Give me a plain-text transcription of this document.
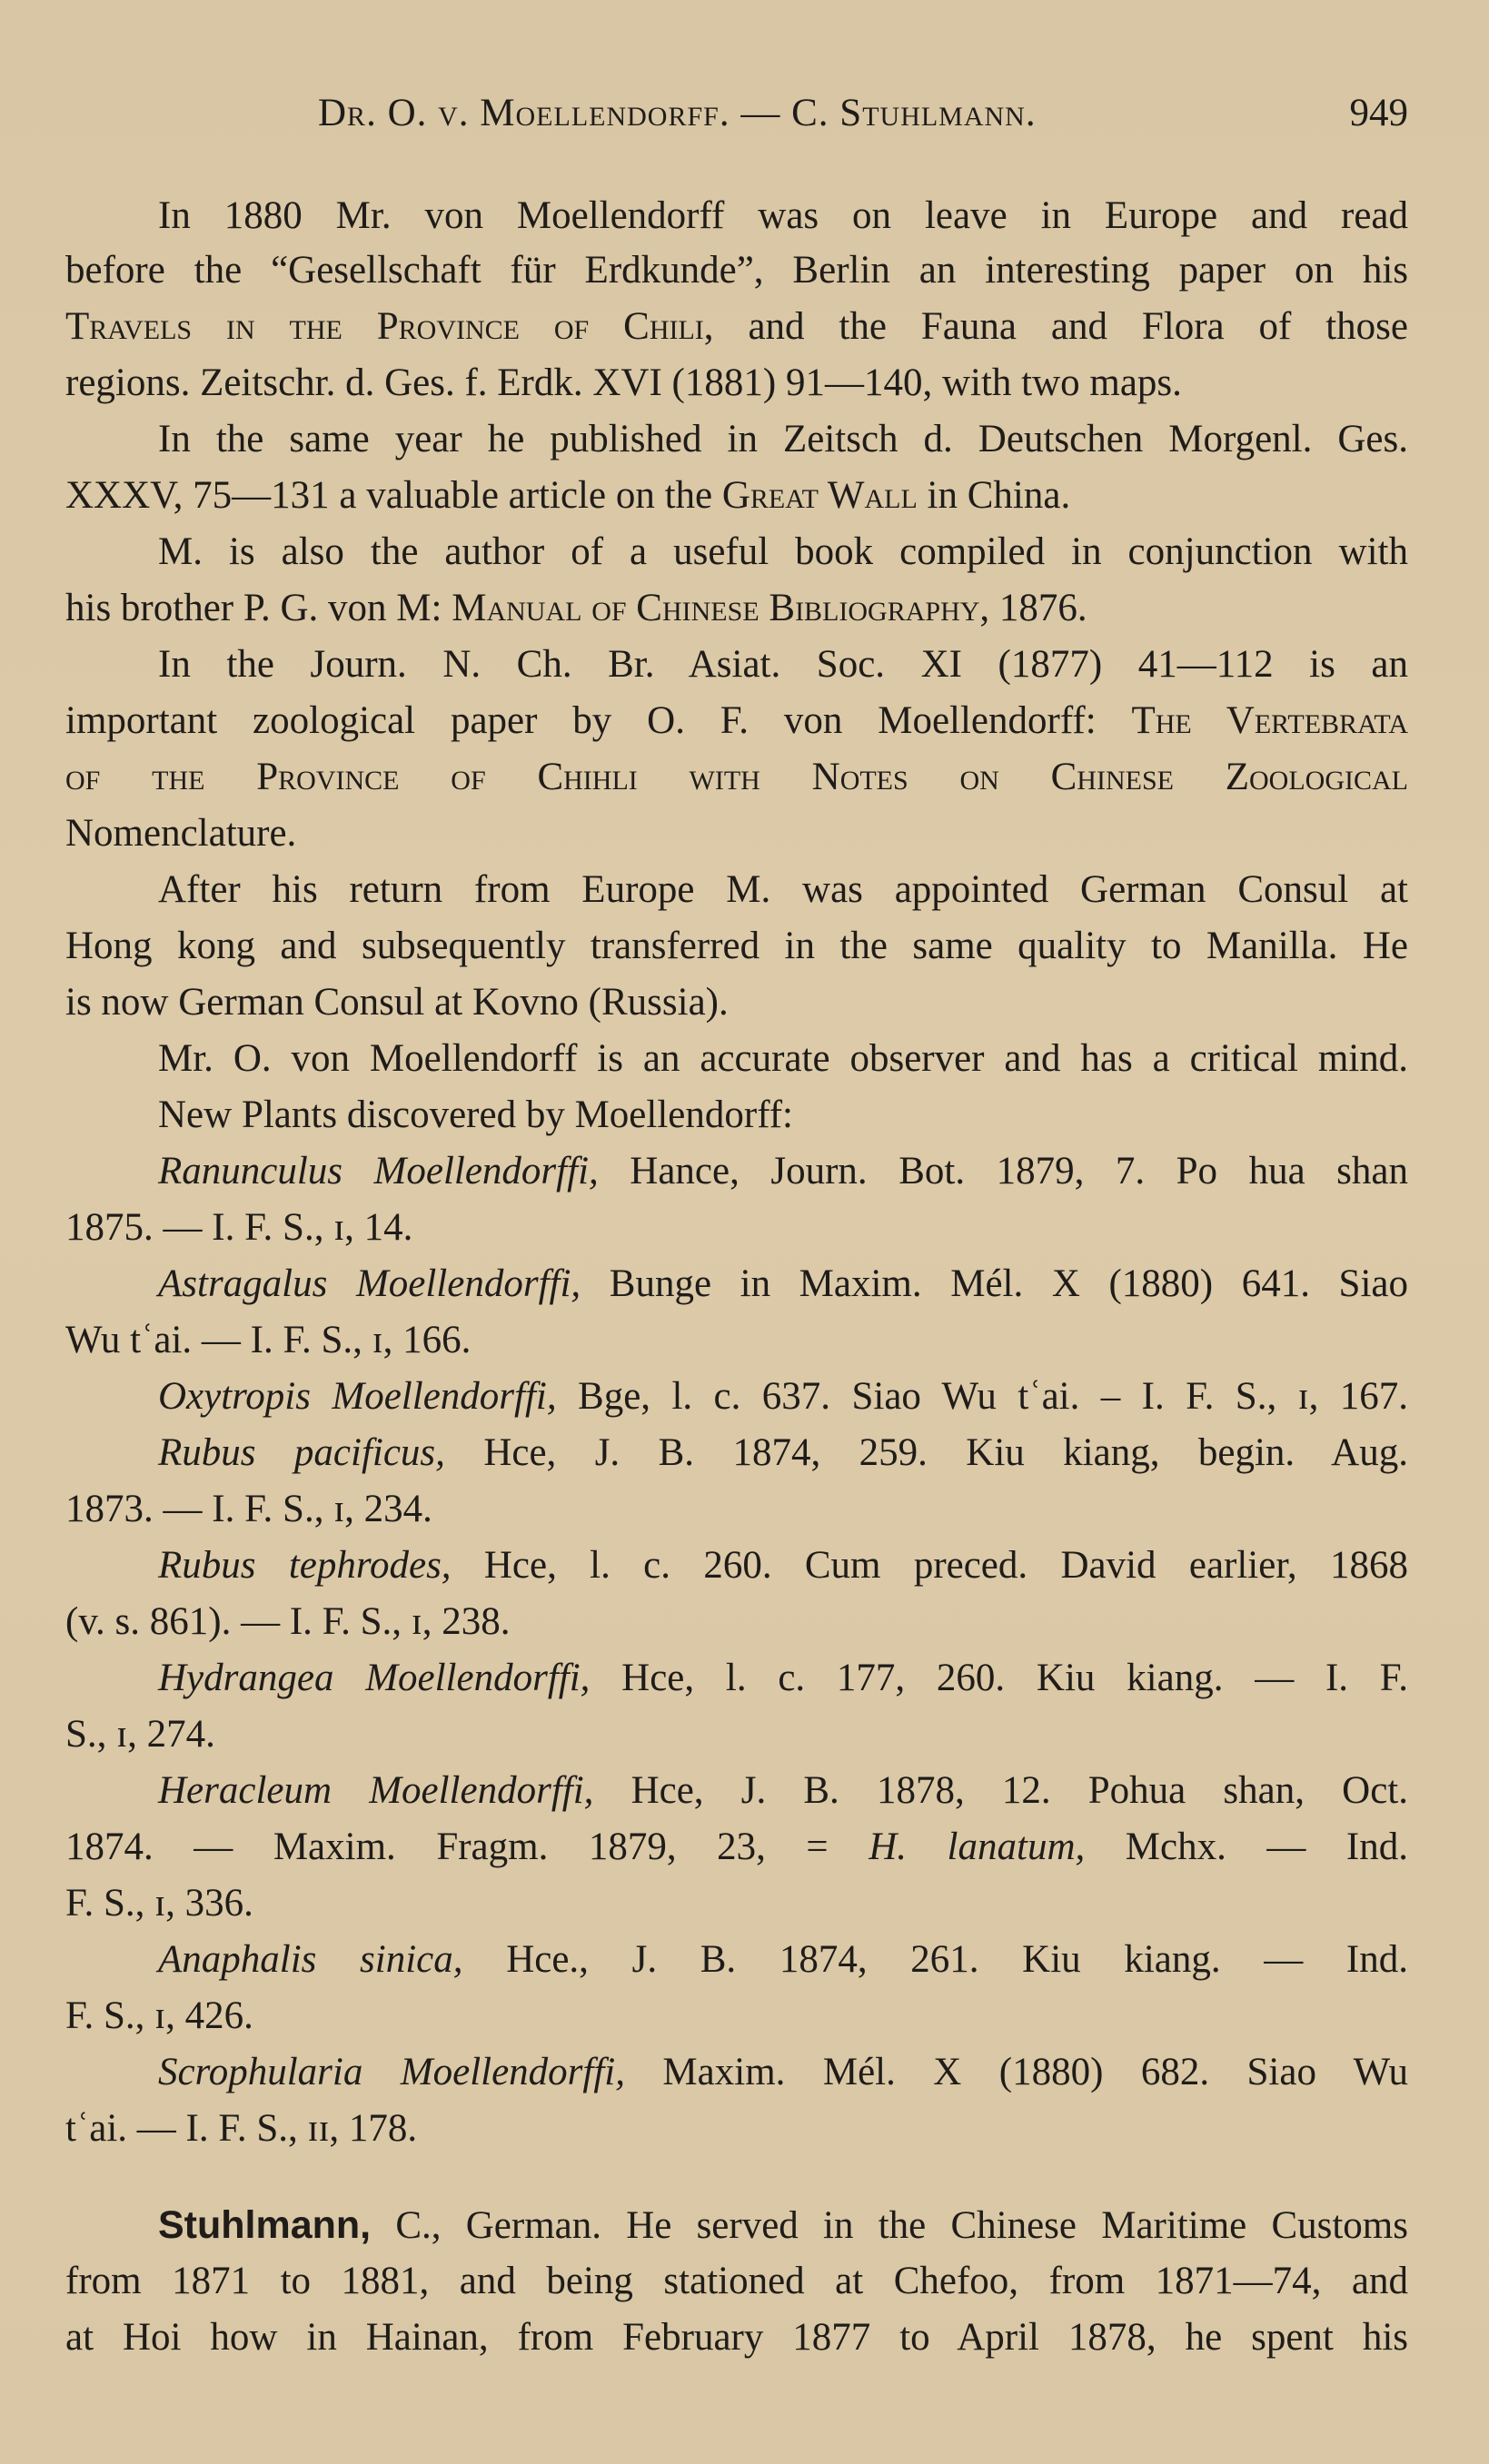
Dr. O. v. Moellendorff. — C. Stuhlmann.	949
In 1880 Mr. von Moellendorff was on leave in Europe and read
before the “Gesellschaft für Erdkunde”, Berlin an interesting paper on his
Travels in the Province of Chili, and the Fauna and Flora of those
regions. Zeitschr. d. Ges. f. Erdk. XVI (1881) 91—140, with two maps.
In the same year he published in Zeitsch d. Deutschen Morgenl. Ges.
XXXV, 75—131 a valuable article on the Great Wall in China.
M. is also the author of a useful book compiled in conjunction with
his brother P. G. von M: Manual of Chinese Bibliography, 1876.
In the Journ. N. Ch. Br. Asiat. Soc. XI (1877) 41—112 is an
important zoological paper by O. F. von Moellendorff: The Vertebrata
of the Province of Chihli with Notes on Chinese Zoological
Nomenclature.
After his return from Europe M. was appointed German Consul at
Hong kong and subsequently transferred in the same quality to Manilla. He
is now German Consul at Kovno (Russia).
Mr. O. von Moellendorff is an accurate observer and has a critical mind.
New Plants discovered by Moellendorff:
Ranunculus Moellendorffi, Hance, Journ. Bot. 1879, 7. Po hua shan
1875. — I. F. S., ɪ, 14.
Astragalus Moellendorffi, Bunge in Maxim. Mél. X (1880) 641. Siao
Wu tʿai. — I. F. S., ɪ, 166.
Oxytropis Moellendorffi, Bge, l. c. 637. Siao Wu tʿai. – I. F. S., ɪ, 167.
Rubus pacificus, Hce, J. B. 1874, 259. Kiu kiang, begin. Aug.
1873. — I. F. S., ɪ, 234.
Rubus tephrodes, Hce, l. c. 260. Cum preced. David earlier, 1868
(v. s. 861). — I. F. S., ɪ, 238.
Hydrangea Moellendorffi, Hce, l. c. 177, 260. Kiu kiang. — I. F.
S., ɪ, 274.
Heracleum Moellendorffi, Hce, J. B. 1878, 12. Pohua shan, Oct.
1874. — Maxim. Fragm. 1879, 23, = H. lanatum, Mchx. — Ind.
F. S., ɪ, 336.
Anaphalis sinica, Hce., J. B. 1874, 261. Kiu kiang. — Ind.
F. S., ɪ, 426.
Scrophularia Moellendorffi, Maxim. Mél. X (1880) 682. Siao Wu
tʿai. — I. F. S., ɪɪ, 178.
Stuhlmann, C., German. He served in the Chinese Maritime Customs
from 1871 to 1881, and being stationed at Chefoo, from 1871—74, and
at Hoi how in Hainan, from February 1877 to April 1878, he spent his
